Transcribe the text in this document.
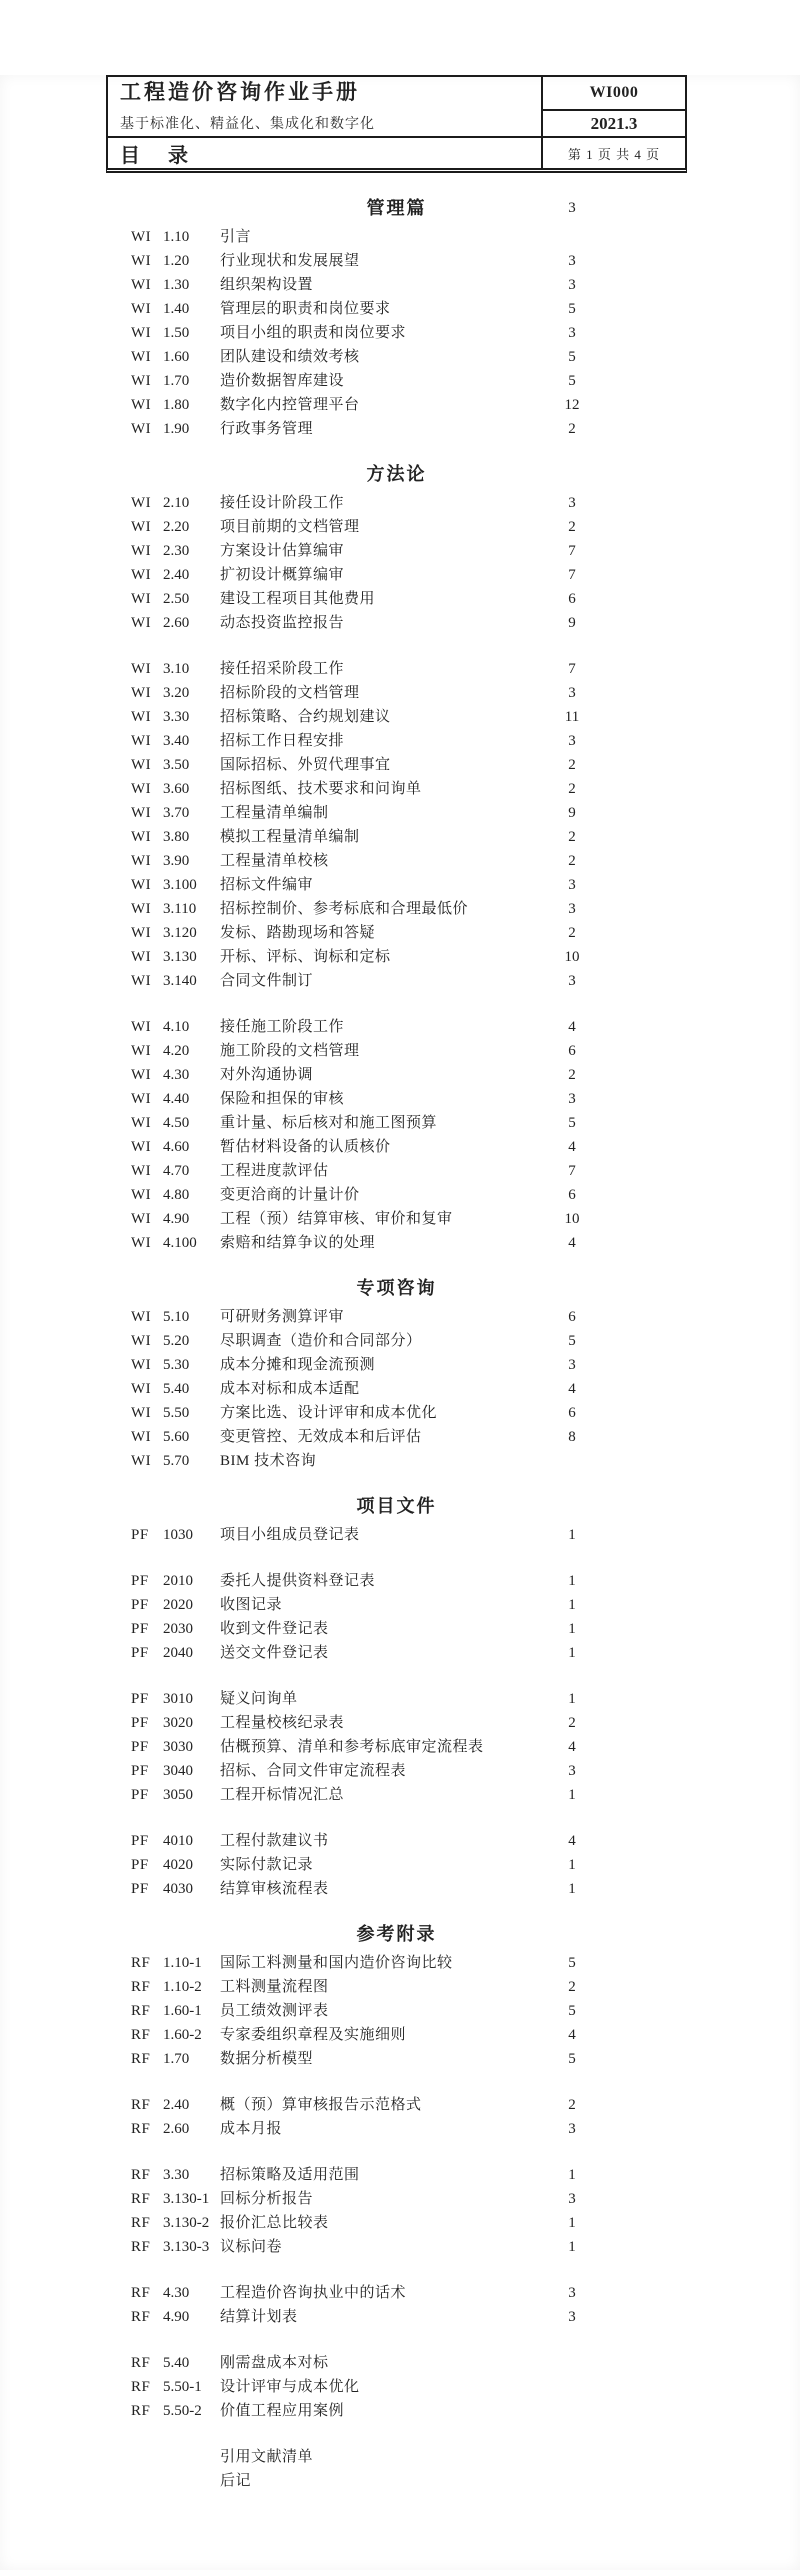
工程造价咨询作业手册
基于标准化、精益化、集成化和数字化
WI000
2021.3
目　录	第 1 页 共 4 页
管理篇	3
WI 1.10 引言
WI 1.20 行业现状和发展展望	3
WI 1.30 组织架构设置	3
WI 1.40 管理层的职责和岗位要求	5
WI 1.50 项目小组的职责和岗位要求	3
WI 1.60 团队建设和绩效考核	5
WI 1.70 造价数据智库建设	5
WI 1.80 数字化内控管理平台	12
WI 1.90 行政事务管理	2
方法论
WI 2.10 接任设计阶段工作	3
WI 2.20 项目前期的文档管理	2
WI 2.30 方案设计估算编审	7
WI 2.40 扩初设计概算编审	7
WI 2.50 建设工程项目其他费用	6
WI 2.60 动态投资监控报告	9
WI 3.10 接任招采阶段工作	7
WI 3.20 招标阶段的文档管理	3
WI 3.30 招标策略、合约规划建议	11
WI 3.40 招标工作日程安排	3
WI 3.50 国际招标、外贸代理事宜	2
WI 3.60 招标图纸、技术要求和问询单	2
WI 3.70 工程量清单编制	9
WI 3.80 模拟工程量清单编制	2
WI 3.90 工程量清单校核	2
WI 3.100 招标文件编审	3
WI 3.110 招标控制价、参考标底和合理最低价	3
WI 3.120 发标、踏勘现场和答疑	2
WI 3.130 开标、评标、询标和定标	10
WI 3.140 合同文件制订	3
WI 4.10 接任施工阶段工作	4
WI 4.20 施工阶段的文档管理	6
WI 4.30 对外沟通协调	2
WI 4.40 保险和担保的审核	3
WI 4.50 重计量、标后核对和施工图预算	5
WI 4.60 暂估材料设备的认质核价	4
WI 4.70 工程进度款评估	7
WI 4.80 变更洽商的计量计价	6
WI 4.90 工程（预）结算审核、审价和复审	10
WI 4.100 索赔和结算争议的处理	4
专项咨询
WI 5.10 可研财务测算评审	6
WI 5.20 尽职调查（造价和合同部分）	5
WI 5.30 成本分摊和现金流预测	3
WI 5.40 成本对标和成本适配	4
WI 5.50 方案比选、设计评审和成本优化	6
WI 5.60 变更管控、无效成本和后评估	8
WI 5.70 BIM 技术咨询
项目文件
PF 1030 项目小组成员登记表	1
PF 2010 委托人提供资料登记表	1
PF 2020 收图记录	1
PF 2030 收到文件登记表	1
PF 2040 送交文件登记表	1
PF 3010 疑义问询单	1
PF 3020 工程量校核纪录表	2
PF 3030 估概预算、清单和参考标底审定流程表	4
PF 3040 招标、合同文件审定流程表	3
PF 3050 工程开标情况汇总	1
PF 4010 工程付款建议书	4
PF 4020 实际付款记录	1
PF 4030 结算审核流程表	1
参考附录
RF 1.10-1 国际工料测量和国内造价咨询比较	5
RF 1.10-2 工料测量流程图	2
RF 1.60-1 员工绩效测评表	5
RF 1.60-2 专家委组织章程及实施细则	4
RF 1.70 数据分析模型	5
RF 2.40 概（预）算审核报告示范格式	2
RF 2.60 成本月报	3
RF 3.30 招标策略及适用范围	1
RF 3.130-1 回标分析报告	3
RF 3.130-2 报价汇总比较表	1
RF 3.130-3 议标问卷	1
RF 4.30 工程造价咨询执业中的话术	3
RF 4.90 结算计划表	3
RF 5.40 刚需盘成本对标
RF 5.50-1 设计评审与成本优化
RF 5.50-2 价值工程应用案例
引用文献清单
后记
